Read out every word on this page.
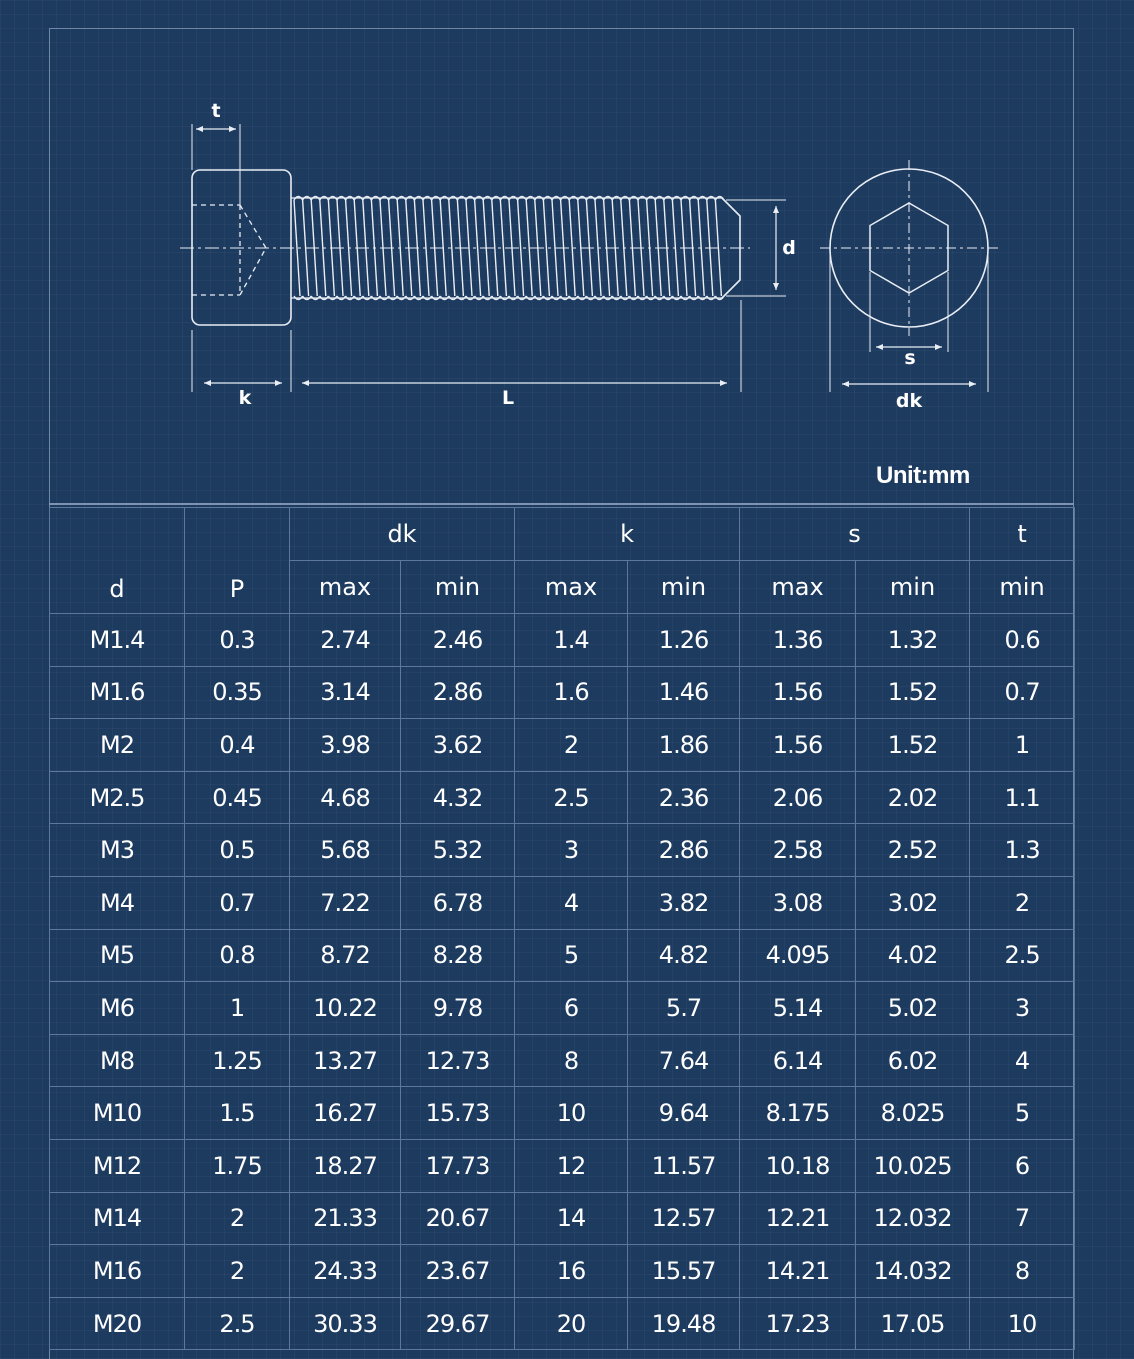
t
k	L
d
s
dk
Unit:mm
d	P	dk		k		s		t
		max	min	max	min	max	min	min
M1.4	0.3	2.74	2.46	1.4	1.26	1.36	1.32	0.6
M1.6	0.35	3.14	2.86	1.6	1.46	1.56	1.52	0.7
M2	0.4	3.98	3.62	2	1.86	1.56	1.52	1
M2.5	0.45	4.68	4.32	2.5	2.36	2.06	2.02	1.1
M3	0.5	5.68	5.32	3	2.86	2.58	2.52	1.3
M4	0.7	7.22	6.78	4	3.82	3.08	3.02	2
M5	0.8	8.72	8.28	5	4.82	4.095	4.02	2.5
M6	1	10.22	9.78	6	5.7	5.14	5.02	3
M8	1.25	13.27	12.73	8	7.64	6.14	6.02	4
M10	1.5	16.27	15.73	10	9.64	8.175	8.025	5
M12	1.75	18.27	17.73	12	11.57	10.18	10.025	6
M14	2	21.33	20.67	14	12.57	12.21	12.032	7
M16	2	24.33	23.67	16	15.57	14.21	14.032	8
M20	2.5	30.33	29.67	20	19.48	17.23	17.05	10
